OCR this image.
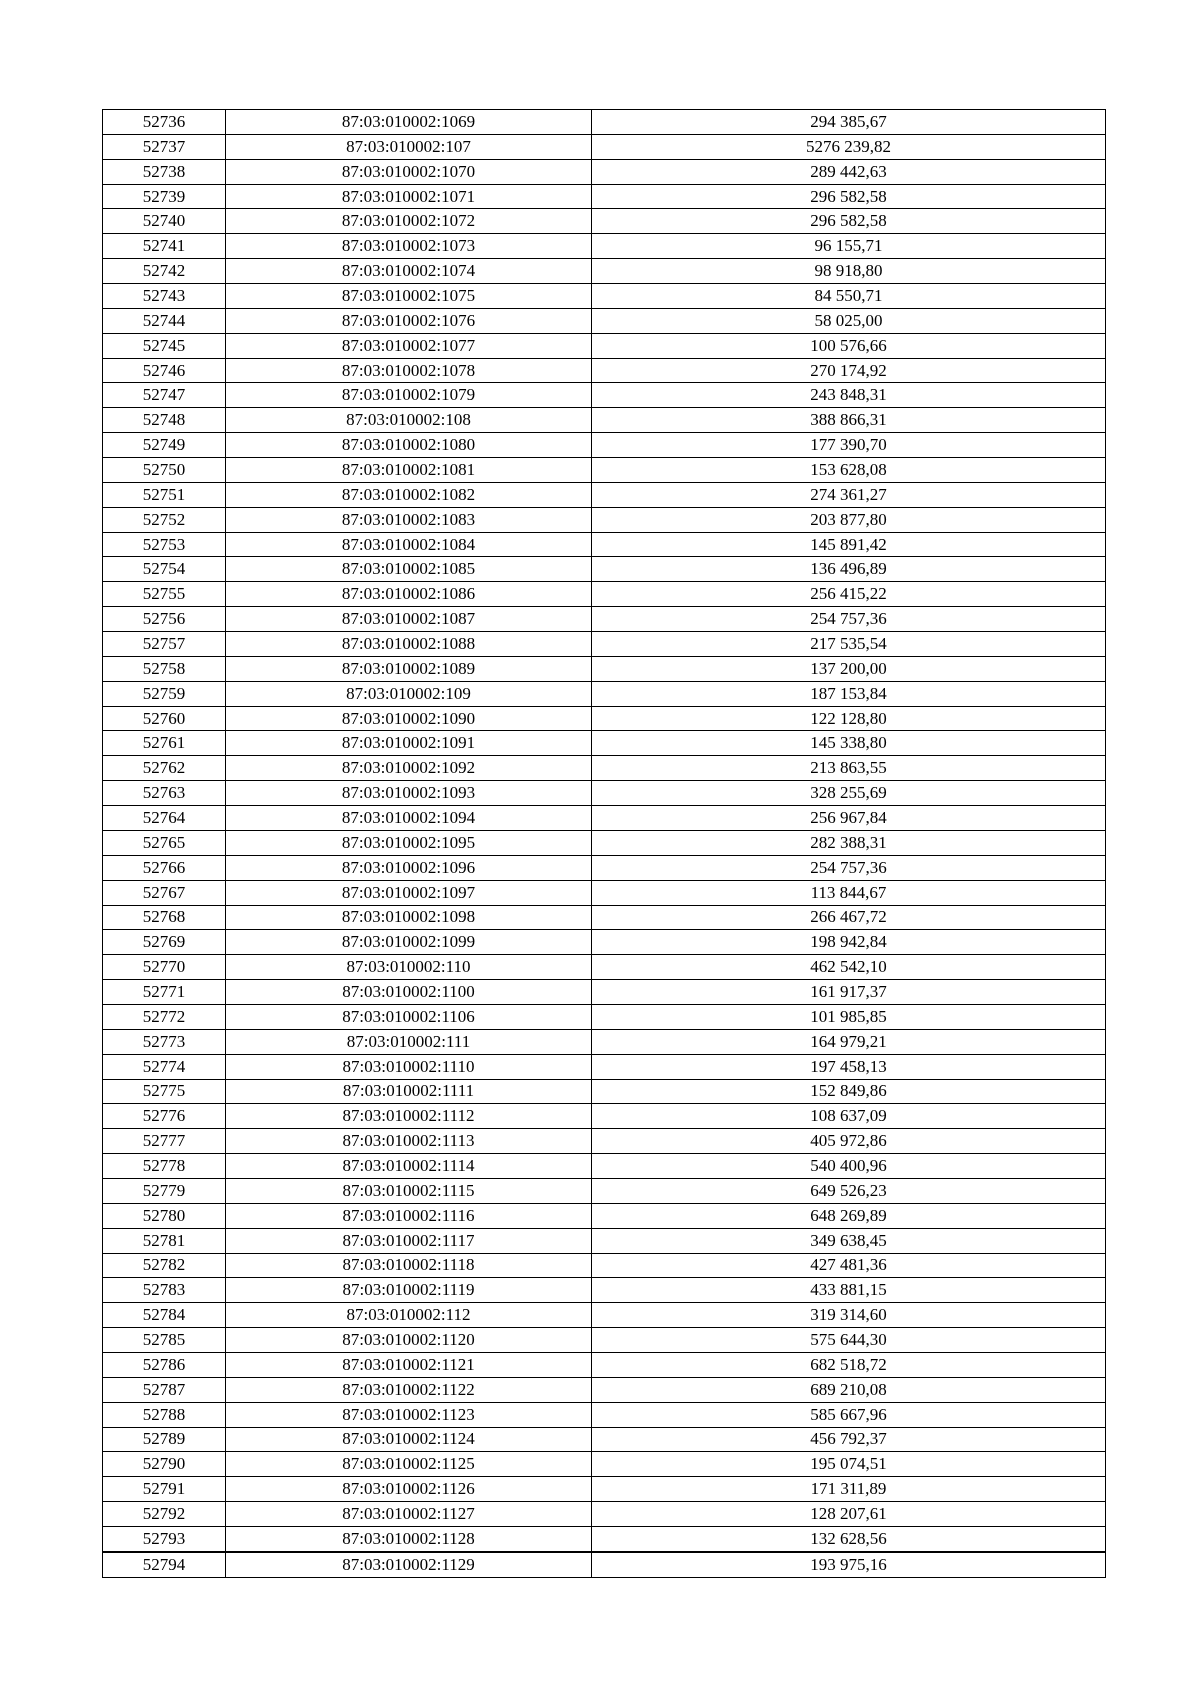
52736	87:03:010002:1069	294 385,67
52737	87:03:010002:107	5276 239,82
52738	87:03:010002:1070	289 442,63
52739	87:03:010002:1071	296 582,58
52740	87:03:010002:1072	296 582,58
52741	87:03:010002:1073	96 155,71
52742	87:03:010002:1074	98 918,80
52743	87:03:010002:1075	84 550,71
52744	87:03:010002:1076	58 025,00
52745	87:03:010002:1077	100 576,66
52746	87:03:010002:1078	270 174,92
52747	87:03:010002:1079	243 848,31
52748	87:03:010002:108	388 866,31
52749	87:03:010002:1080	177 390,70
52750	87:03:010002:1081	153 628,08
52751	87:03:010002:1082	274 361,27
52752	87:03:010002:1083	203 877,80
52753	87:03:010002:1084	145 891,42
52754	87:03:010002:1085	136 496,89
52755	87:03:010002:1086	256 415,22
52756	87:03:010002:1087	254 757,36
52757	87:03:010002:1088	217 535,54
52758	87:03:010002:1089	137 200,00
52759	87:03:010002:109	187 153,84
52760	87:03:010002:1090	122 128,80
52761	87:03:010002:1091	145 338,80
52762	87:03:010002:1092	213 863,55
52763	87:03:010002:1093	328 255,69
52764	87:03:010002:1094	256 967,84
52765	87:03:010002:1095	282 388,31
52766	87:03:010002:1096	254 757,36
52767	87:03:010002:1097	113 844,67
52768	87:03:010002:1098	266 467,72
52769	87:03:010002:1099	198 942,84
52770	87:03:010002:110	462 542,10
52771	87:03:010002:1100	161 917,37
52772	87:03:010002:1106	101 985,85
52773	87:03:010002:111	164 979,21
52774	87:03:010002:1110	197 458,13
52775	87:03:010002:1111	152 849,86
52776	87:03:010002:1112	108 637,09
52777	87:03:010002:1113	405 972,86
52778	87:03:010002:1114	540 400,96
52779	87:03:010002:1115	649 526,23
52780	87:03:010002:1116	648 269,89
52781	87:03:010002:1117	349 638,45
52782	87:03:010002:1118	427 481,36
52783	87:03:010002:1119	433 881,15
52784	87:03:010002:112	319 314,60
52785	87:03:010002:1120	575 644,30
52786	87:03:010002:1121	682 518,72
52787	87:03:010002:1122	689 210,08
52788	87:03:010002:1123	585 667,96
52789	87:03:010002:1124	456 792,37
52790	87:03:010002:1125	195 074,51
52791	87:03:010002:1126	171 311,89
52792	87:03:010002:1127	128 207,61
52793	87:03:010002:1128	132 628,56
52794	87:03:010002:1129	193 975,16
